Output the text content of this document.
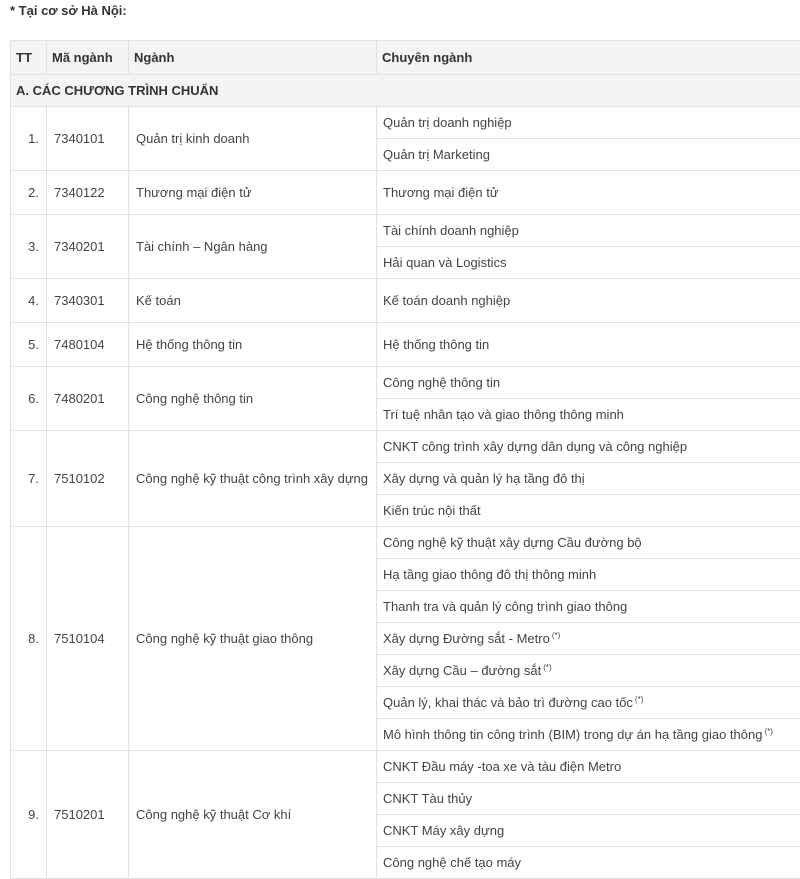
* Tại cơ sở Hà Nội:
TT	Mã ngành	Ngành	Chuyên ngành
A. CÁC CHƯƠNG TRÌNH CHUẨN			
1.	7340101	Quản trị kinh doanh	Quản trị doanh nghiệp
			Quản trị Marketing
2.	7340122	Thương mại điện tử	Thương mại điện tử
3.	7340201	Tài chính – Ngân hàng	Tài chính doanh nghiệp
			Hải quan và Logistics
4.	7340301	Kế toán	Kế toán doanh nghiệp
5.	7480104	Hệ thống thông tin	Hệ thống thông tin
6.	7480201	Công nghệ thông tin	Công nghệ thông tin
			Trí tuệ nhân tạo và giao thông thông minh
7.	7510102	Công nghệ kỹ thuật công trình xây dựng	CNKT công trình xây dựng dân dụng và công nghiệp
			Xây dựng và quản lý hạ tầng đô thị
			Kiến trúc nội thất
8.	7510104	Công nghệ kỹ thuật giao thông	Công nghệ kỹ thuật xây dựng Cầu đường bộ
			Hạ tầng giao thông đô thị thông minh
			Thanh tra và quản lý công trình giao thông
			Xây dựng Đường sắt - Metro (*)
			Xây dựng Cầu – đường sắt (*)
			Quản lý, khai thác và bảo trì đường cao tốc (*)
			Mô hình thông tin công trình (BIM) trong dự án hạ tầng giao thông (*)
9.	7510201	Công nghệ kỹ thuật Cơ khí	CNKT Đầu máy -toa xe và tàu điện Metro
			CNKT Tàu thủy
			CNKT Máy xây dựng
			Công nghệ chế tạo máy
